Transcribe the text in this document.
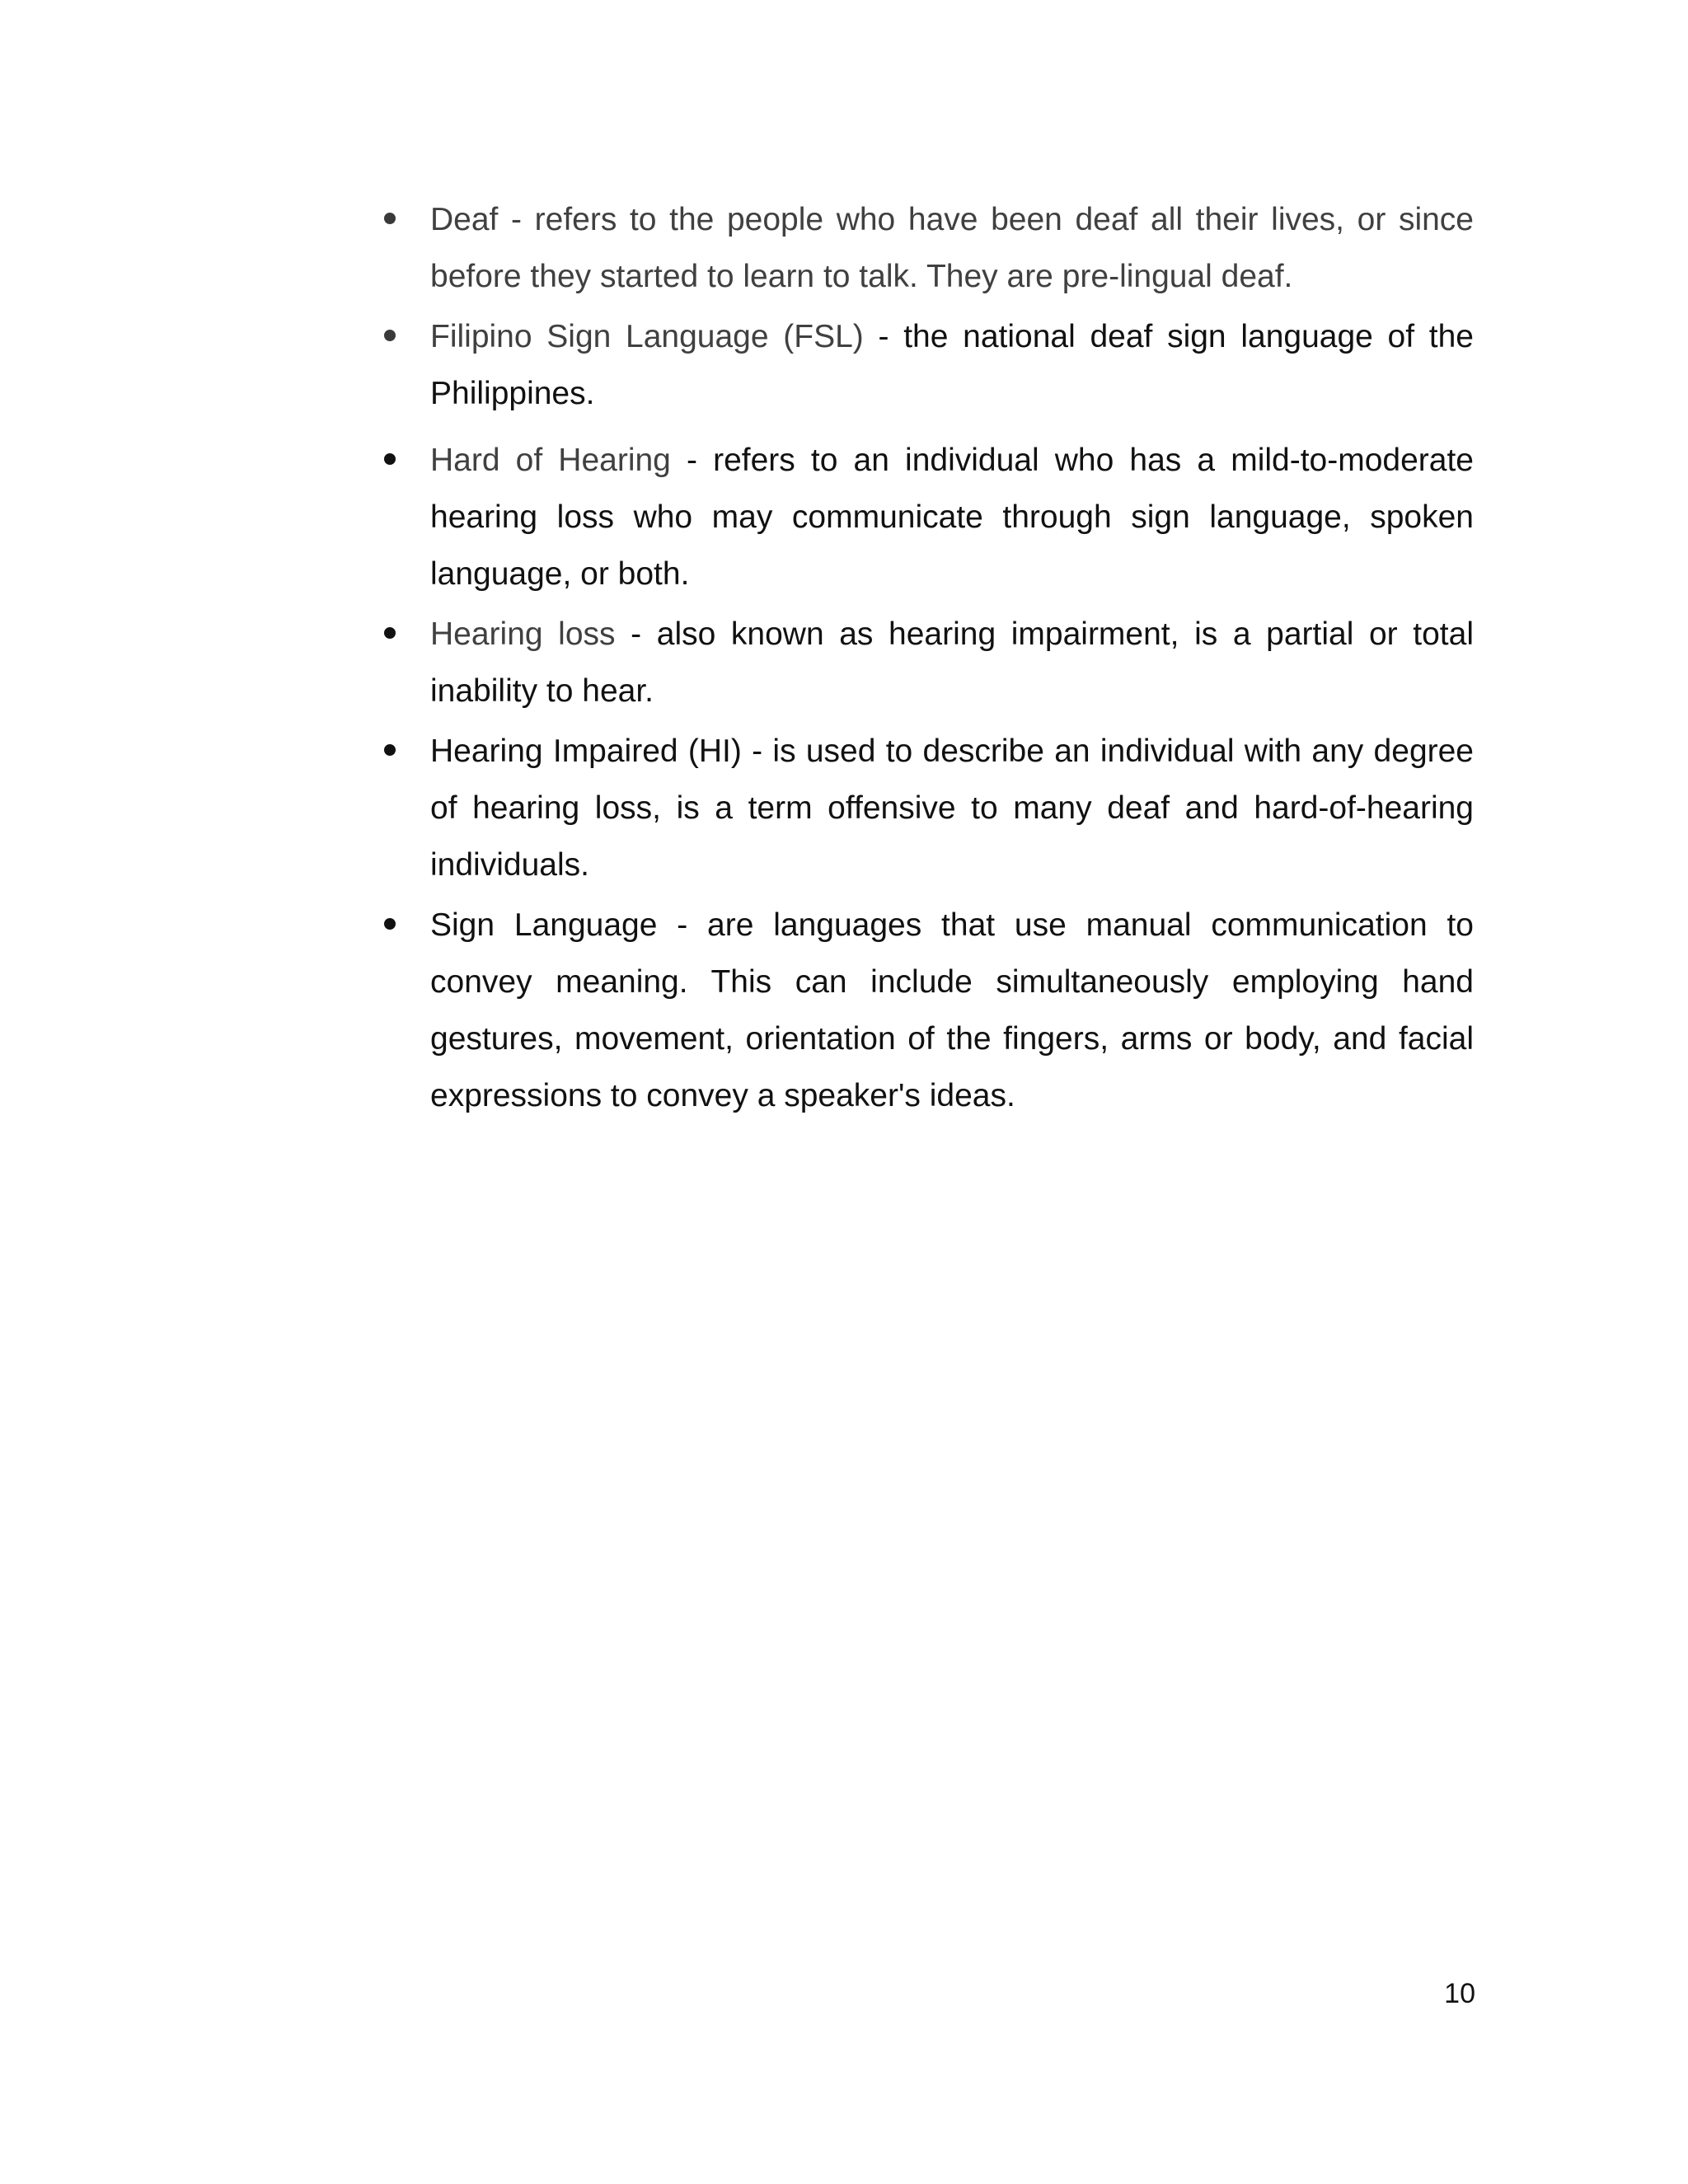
Deaf - refers to the people who have been deaf all their lives, or since before they started to learn to talk. They are pre-lingual deaf.
Filipino Sign Language (FSL) - the national deaf sign language of the Philippines.
Hard of Hearing - refers to an individual who has a mild-to-moderate hearing loss who may communicate through sign language, spoken language, or both.
Hearing loss - also known as hearing impairment, is a partial or total inability to hear.
Hearing Impaired (HI) - is used to describe an individual with any degree of hearing loss, is a term offensive to many deaf and hard-of-hearing individuals.
Sign Language - are languages that use manual communication to convey meaning. This can include simultaneously employing hand gestures, movement, orientation of the fingers, arms or body, and facial expressions to convey a speaker's ideas.
10
